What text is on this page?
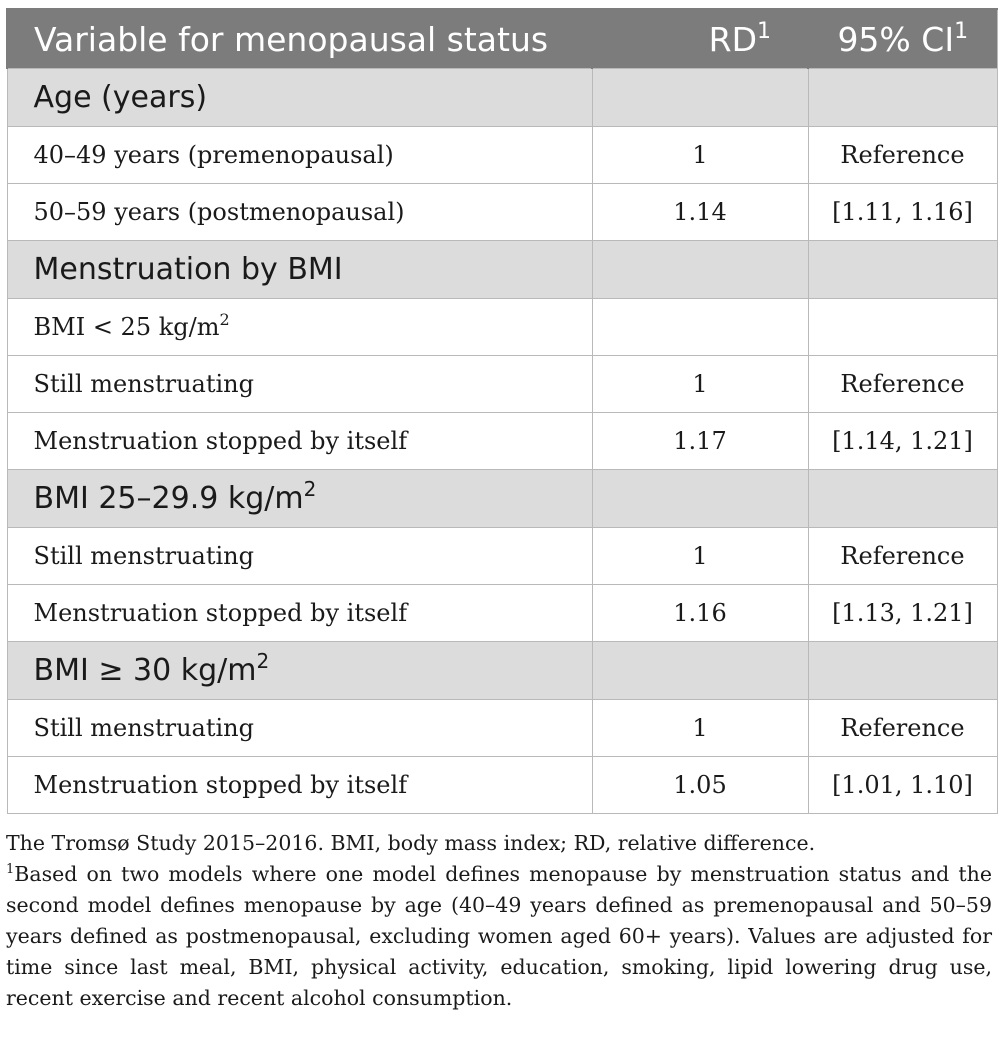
Variable for menopausal status	$RD^1$	95% $CI^1$
Age (years)		
40–49 years (premenopausal)	1	Reference
50–59 years (postmenopausal)	1.14	[1.11, 1.16]
Menstruation by BMI		
BMI < 25 $kg/m^2$		
Still menstruating	1	Reference
Menstruation stopped by itself	1.17	[1.14, 1.21]
BMI 25–29.9 $kg/m^2$		
Still menstruating	1	Reference
Menstruation stopped by itself	1.16	[1.13, 1.21]
BMI ≥ 30 $kg/m^2$		
Still menstruating	1	Reference
Menstruation stopped by itself	1.05	[1.01, 1.10]

The Tromsø Study 2015–2016. BMI, body mass index; RD, relative difference.

$^1$Based on two models where one model defines menopause by menstruation status and the second model defines menopause by age (40–49 years defined as premenopausal and 50–59 years defined as postmenopausal, excluding women aged 60+ years). Values are adjusted for time since last meal, BMI, physical activity, education, smoking, lipid lowering drug use, recent exercise and recent alcohol consumption.
